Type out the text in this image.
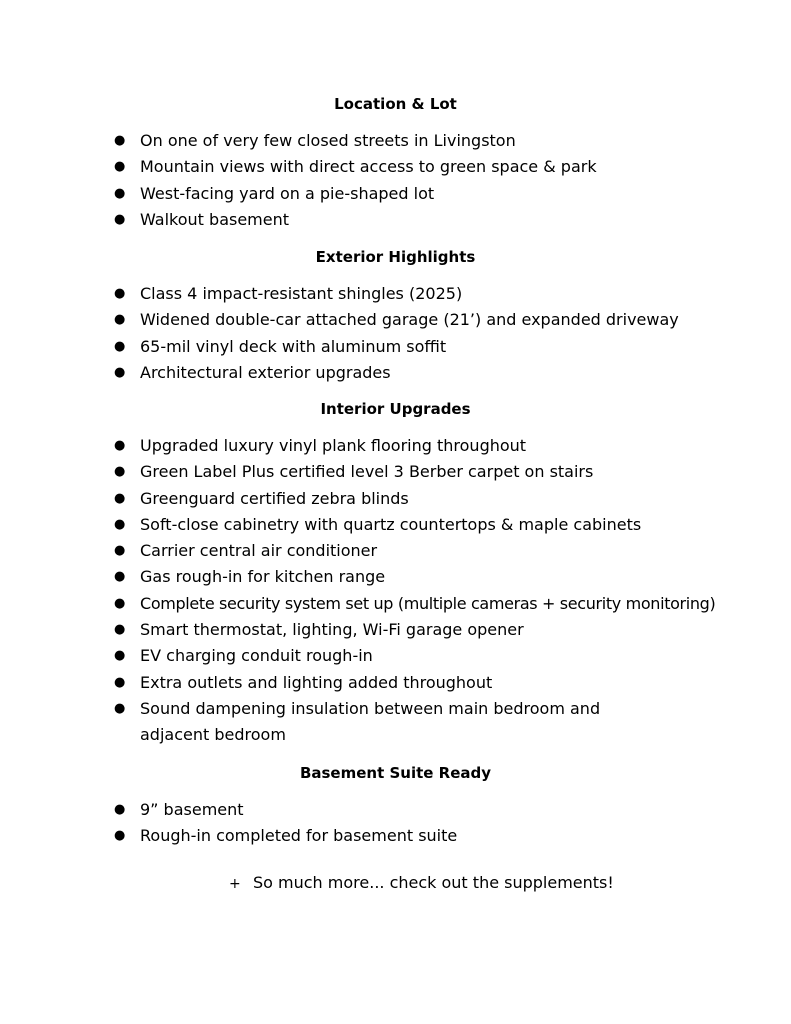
Location & Lot
● On one of very few closed streets in Livingston
● Mountain views with direct access to green space & park
● West-facing yard on a pie-shaped lot
● Walkout basement
Exterior Highlights
● Class 4 impact-resistant shingles (2025)
● Widened double-car attached garage (21’) and expanded driveway
● 65-mil vinyl deck with aluminum soffit
● Architectural exterior upgrades
Interior Upgrades
● Upgraded luxury vinyl plank flooring throughout
● Green Label Plus certified level 3 Berber carpet on stairs
● Greenguard certified zebra blinds
● Soft-close cabinetry with quartz countertops & maple cabinets
● Carrier central air conditioner
● Gas rough-in for kitchen range
● Complete security system set up (multiple cameras + security monitoring)
● Smart thermostat, lighting, Wi-Fi garage opener
● EV charging conduit rough-in
● Extra outlets and lighting added throughout
● Sound dampening insulation between main bedroom and adjacent bedroom
Basement Suite Ready
● 9” basement
● Rough-in completed for basement suite
+ So much more... check out the supplements!
